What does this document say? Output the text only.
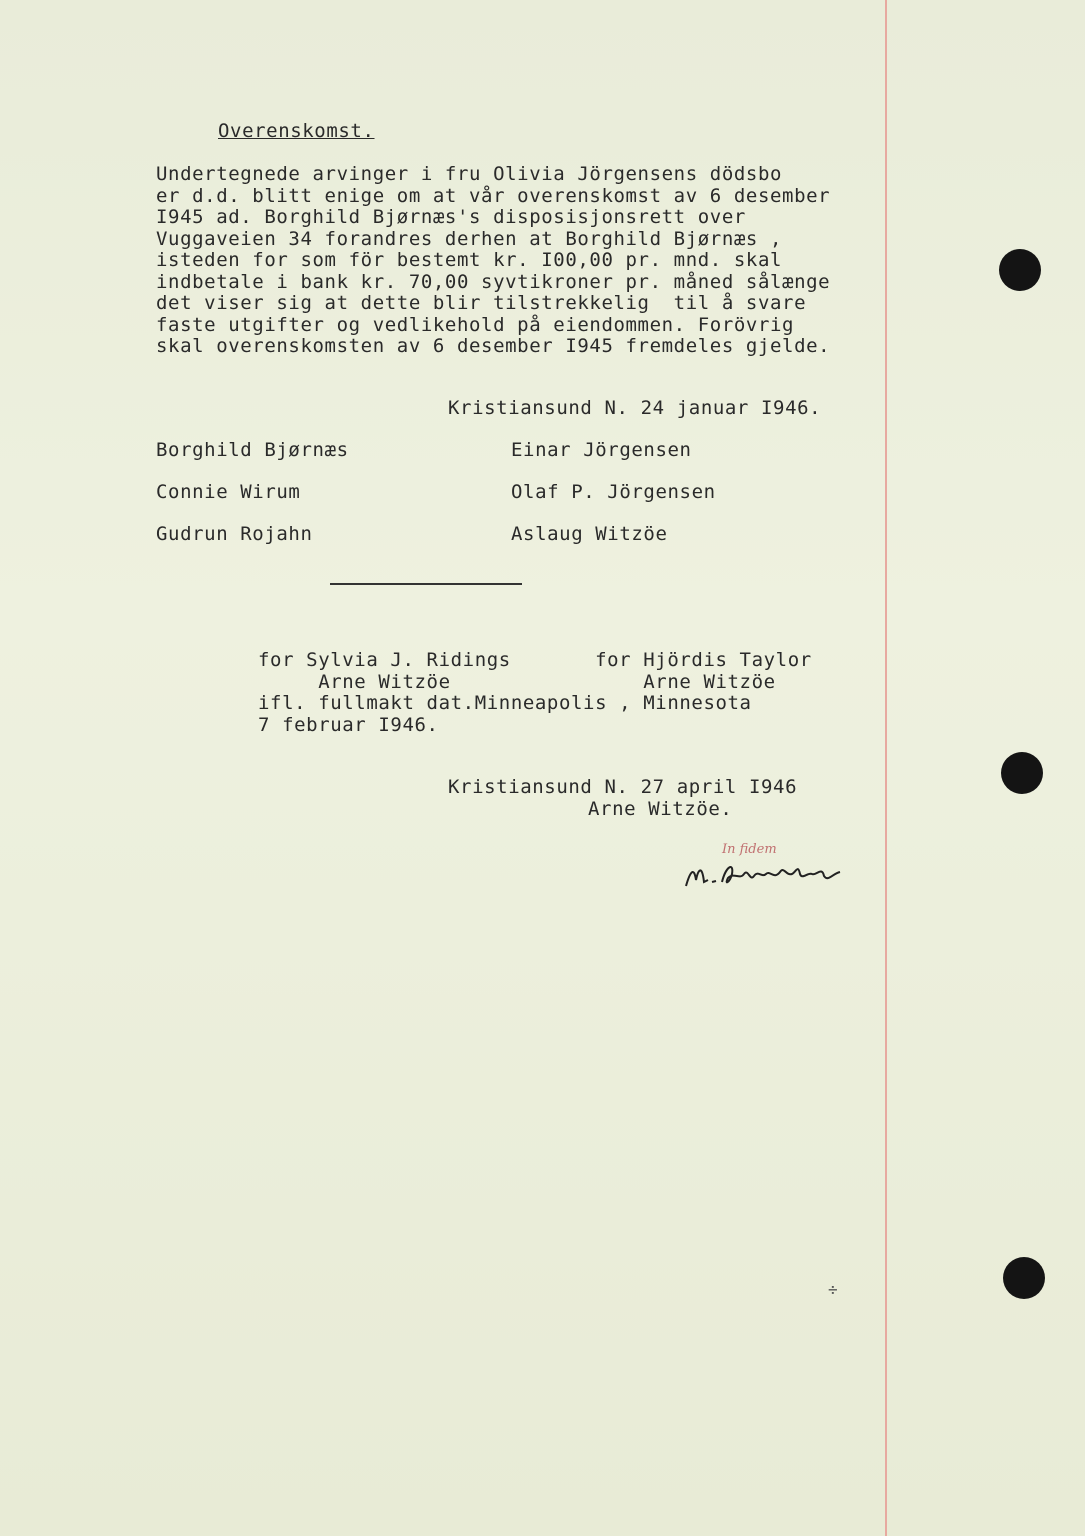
Overenskomst.
Undertegnede arvinger i fru Olivia Jörgensens dödsbo
er d.d. blitt enige om at vår overenskomst av 6 desember
I945 ad. Borghild Bjørnæs's disposisjonsrett over
Vuggaveien 34 forandres derhen at Borghild Bjørnæs ,
isteden for som för bestemt kr. I00,00 pr. mnd. skal
indbetale i bank kr. 70,00 syvtikroner pr. måned sålænge
det viser sig at dette blir tilstrekkelig  til å svare
faste utgifter og vedlikehold på eiendommen. Forövrig
skal overenskomsten av 6 desember I945 fremdeles gjelde.
Kristiansund N. 24 januar I946.
Borghild Bjørnæs
Connie Wirum
Gudrun Rojahn
Einar Jörgensen
Olaf P. Jörgensen
Aslaug Witzöe
for Sylvia J. Ridings       for Hjördis Taylor
Arne Witzöe                Arne Witzöe
ifl. fullmakt dat.Minneapolis , Minnesota
7 februar I946.
Kristiansund N. 27 april I946
Arne Witzöe.
In fidem
÷
